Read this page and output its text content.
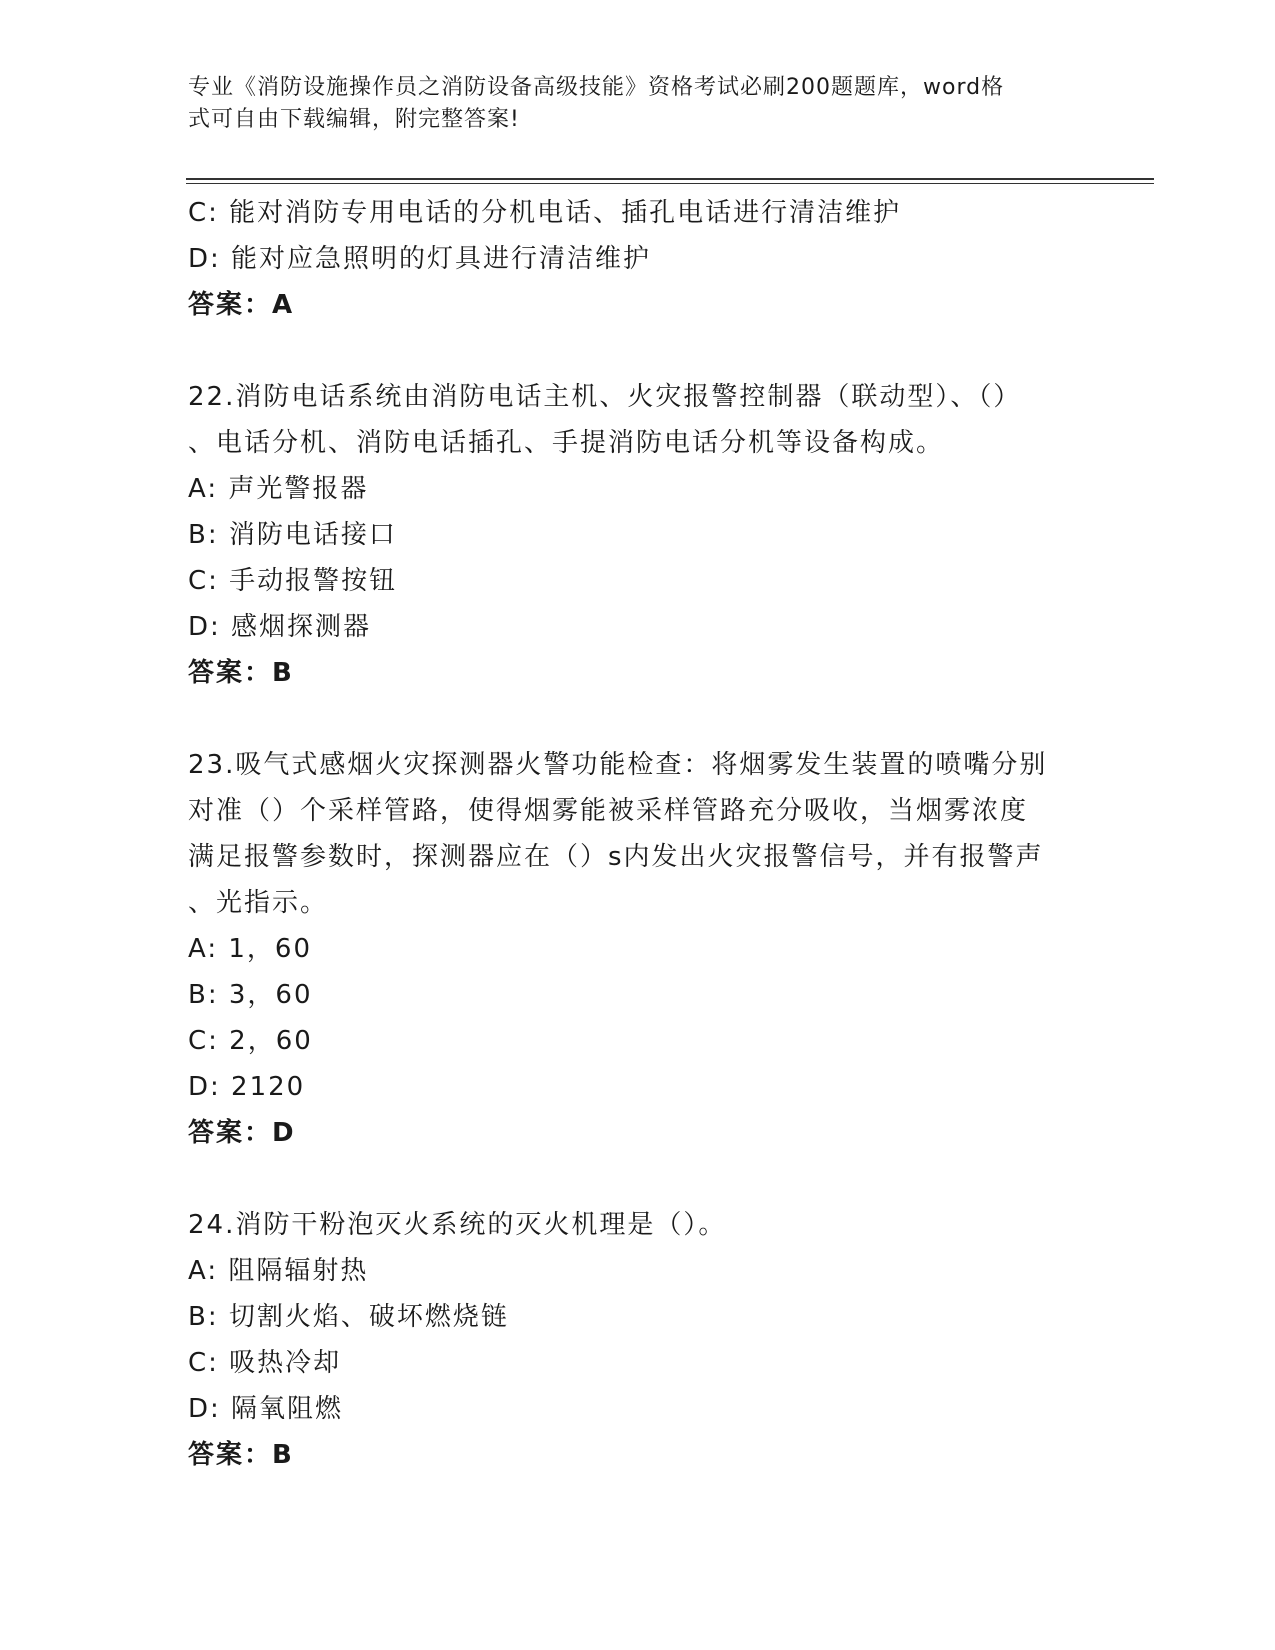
专业《消防设施操作员之消防设备高级技能》资格考试必刷200题题库，word格
式可自由下载编辑，附完整答案!
C: 能对消防专用电话的分机电话、插孔电话进行清洁维护
D: 能对应急照明的灯具进行清洁维护
答案：A
22.消防电话系统由消防电话主机、火灾报警控制器（联动型）、（）
、电话分机、消防电话插孔、手提消防电话分机等设备构成。
A: 声光警报器
B: 消防电话接口
C: 手动报警按钮
D: 感烟探测器
答案：B
23.吸气式感烟火灾探测器火警功能检查：将烟雾发生装置的喷嘴分别
对准（）个采样管路，使得烟雾能被采样管路充分吸收，当烟雾浓度
满足报警参数时，探测器应在（）s内发出火灾报警信号，并有报警声
、光指示。
A: 1，60
B: 3，60
C: 2，60
D: 2120
答案：D
24.消防干粉泡灭火系统的灭火机理是（）。
A: 阻隔辐射热
B: 切割火焰、破坏燃烧链
C: 吸热冷却
D: 隔氧阻燃
答案：B
